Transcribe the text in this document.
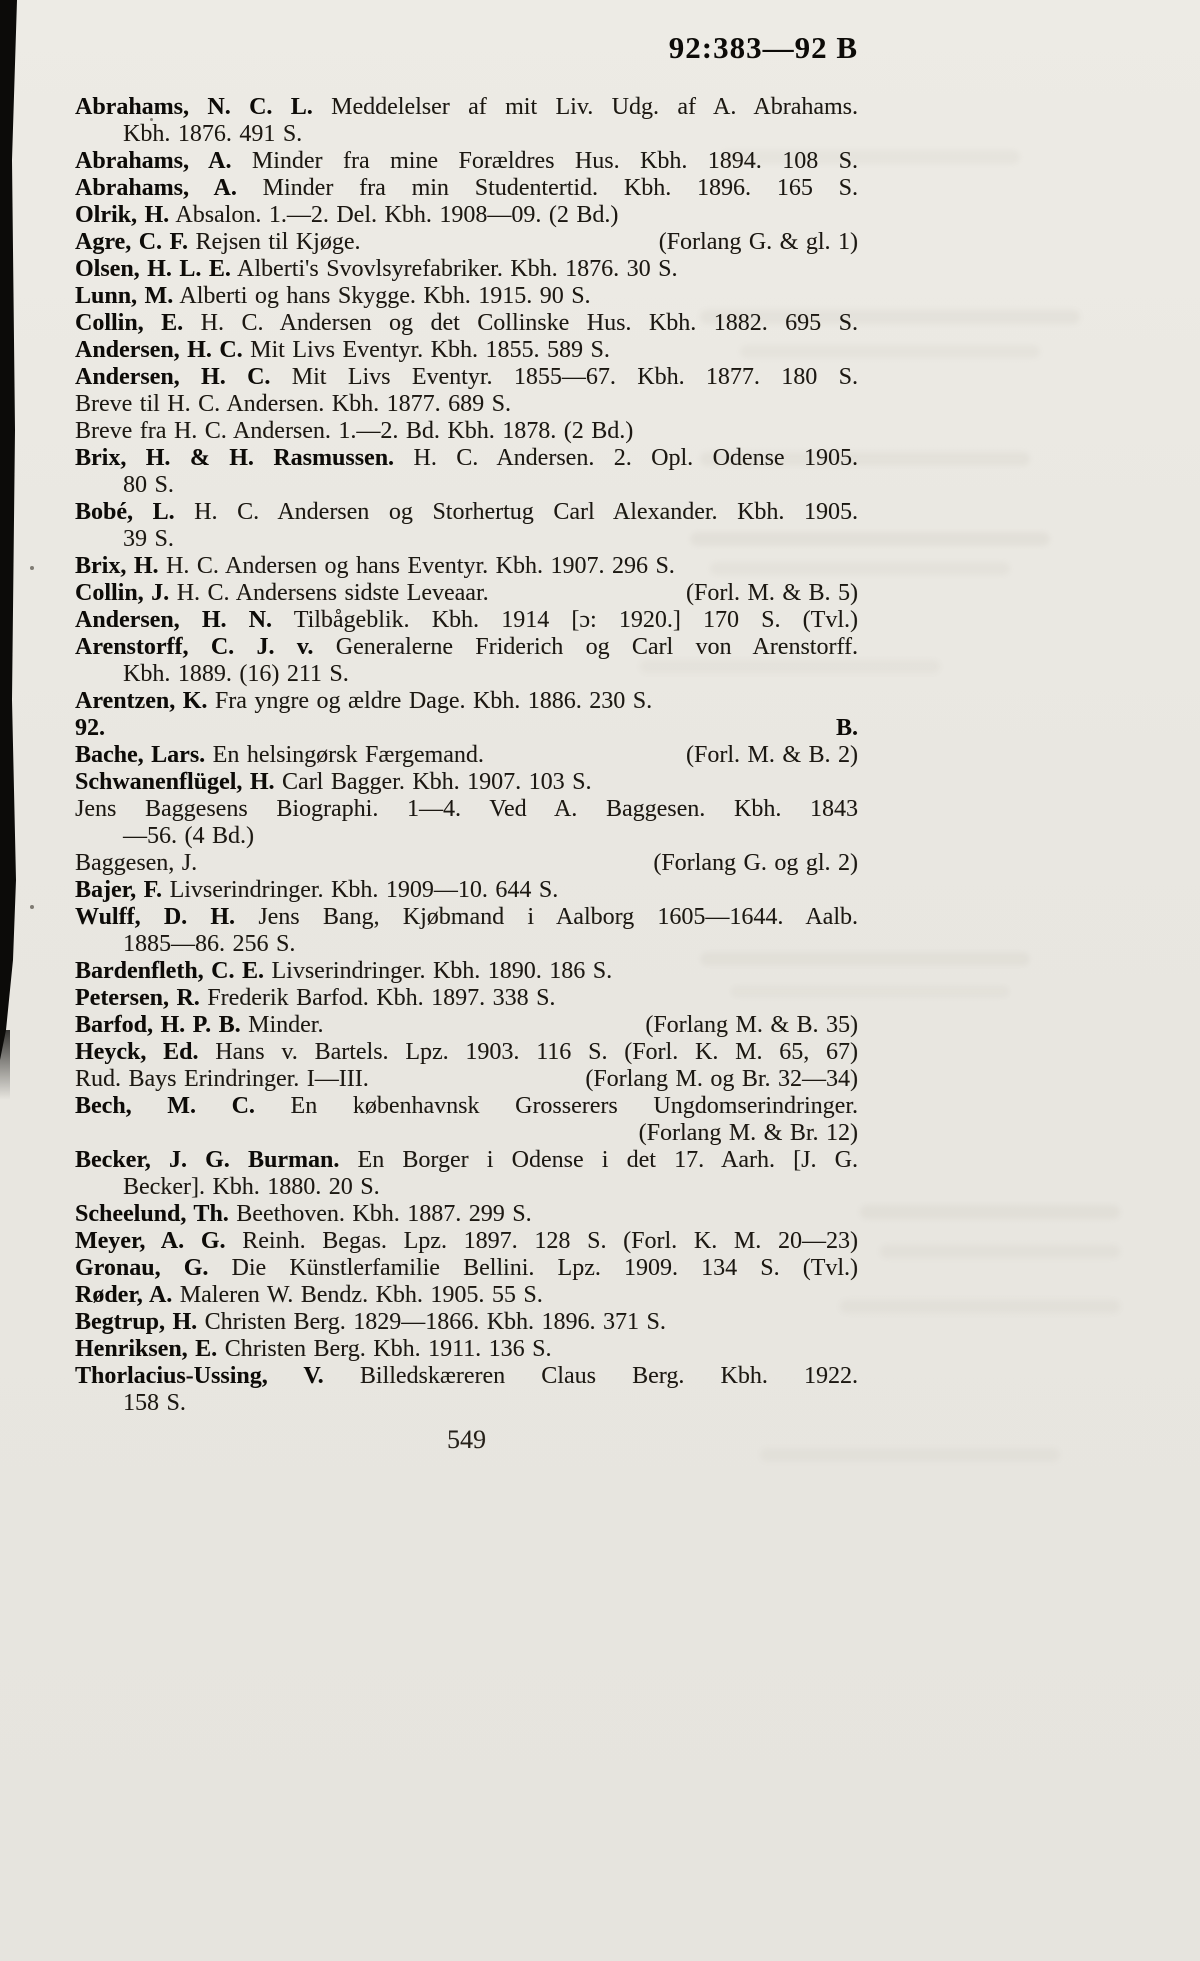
92:383—92 B
Abrahams, N. C. L. Meddelelser af mit Liv. Udg. af A. Abrahams.
Kbh. 1876. 491 S.
Abrahams, A. Minder fra mine Forældres Hus. Kbh. 1894. 108 S.
Abrahams, A. Minder fra min Studentertid. Kbh. 1896. 165 S.
Olrik, H. Absalon. 1.—2. Del. Kbh. 1908—09. (2 Bd.)
Agre, C. F. Rejsen til Kjøge.	(Forlang G. & gl. 1)
Olsen, H. L. E. Alberti's Svovlsyrefabriker. Kbh. 1876. 30 S.
Lunn, M. Alberti og hans Skygge. Kbh. 1915. 90 S.
Collin, E. H. C. Andersen og det Collinske Hus. Kbh. 1882. 695 S.
Andersen, H. C. Mit Livs Eventyr. Kbh. 1855. 589 S.
Andersen, H. C. Mit Livs Eventyr. 1855—67. Kbh. 1877. 180 S.
Breve til H. C. Andersen. Kbh. 1877. 689 S.
Breve fra H. C. Andersen. 1.—2. Bd. Kbh. 1878. (2 Bd.)
Brix, H. & H. Rasmussen. H. C. Andersen. 2. Opl. Odense 1905.
80 S.
Bobé, L. H. C. Andersen og Storhertug Carl Alexander. Kbh. 1905.
39 S.
Brix, H. H. C. Andersen og hans Eventyr. Kbh. 1907. 296 S.
Collin, J. H. C. Andersens sidste Leveaar.	(Forl. M. & B. 5)
Andersen, H. N. Tilbågeblik. Kbh. 1914 [ɔ: 1920.] 170 S. (Tvl.)
Arenstorff, C. J. v. Generalerne Friderich og Carl von Arenstorff.
Kbh. 1889. (16) 211 S.
Arentzen, K. Fra yngre og ældre Dage. Kbh. 1886. 230 S.
92.	B.
Bache, Lars. En helsingørsk Færgemand.	(Forl. M. & B. 2)
Schwanenflügel, H. Carl Bagger. Kbh. 1907. 103 S.
Jens Baggesens Biographi. 1—4. Ved A. Baggesen. Kbh. 1843
—56. (4 Bd.)
Baggesen, J.	(Forlang G. og gl. 2)
Bajer, F. Livserindringer. Kbh. 1909—10. 644 S.
Wulff, D. H. Jens Bang, Kjøbmand i Aalborg 1605—1644. Aalb.
1885—86. 256 S.
Bardenfleth, C. E. Livserindringer. Kbh. 1890. 186 S.
Petersen, R. Frederik Barfod. Kbh. 1897. 338 S.
Barfod, H. P. B. Minder.	(Forlang M. & B. 35)
Heyck, Ed. Hans v. Bartels. Lpz. 1903. 116 S. (Forl. K. M. 65, 67)
Rud. Bays Erindringer. I—III.	(Forlang M. og Br. 32—34)
Bech, M. C. En københavnsk Grosserers Ungdomserindringer.
(Forlang M. & Br. 12)
Becker, J. G. Burman. En Borger i Odense i det 17. Aarh. [J. G.
Becker]. Kbh. 1880. 20 S.
Scheelund, Th. Beethoven. Kbh. 1887. 299 S.
Meyer, A. G. Reinh. Begas. Lpz. 1897. 128 S. (Forl. K. M. 20—23)
Gronau, G. Die Künstlerfamilie Bellini. Lpz. 1909. 134 S. (Tvl.)
Røder, A. Maleren W. Bendz. Kbh. 1905. 55 S.
Begtrup, H. Christen Berg. 1829—1866. Kbh. 1896. 371 S.
Henriksen, E. Christen Berg. Kbh. 1911. 136 S.
Thorlacius-Ussing, V. Billedskæreren Claus Berg. Kbh. 1922.
158 S.
549
